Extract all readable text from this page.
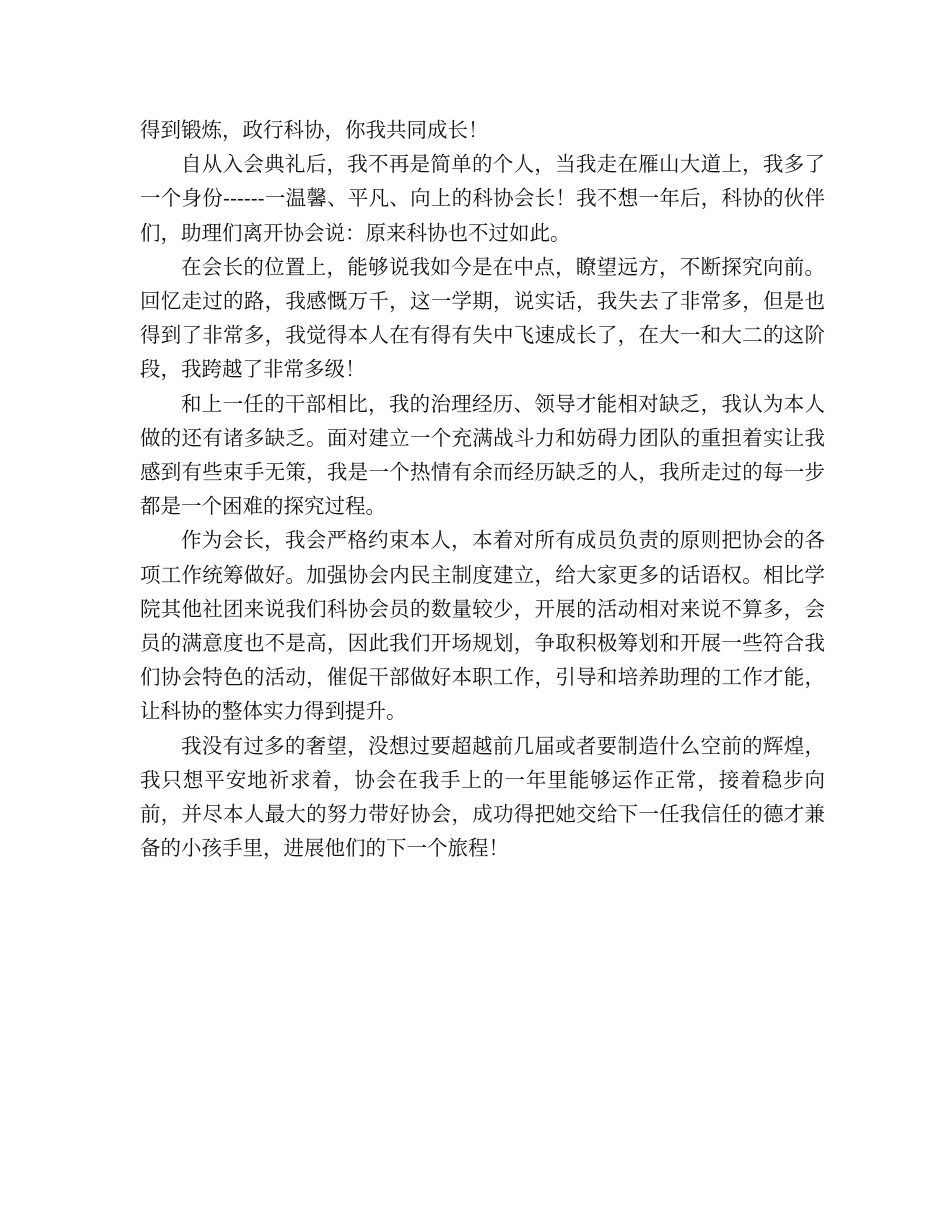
得到锻炼，政行科协，你我共同成长！

自从入会典礼后，我不再是简单的个人，当我走在雁山大道上，我多了一个身份------一温馨、平凡、向上的科协会长！我不想一年后，科协的伙伴们，助理们离开协会说：原来科协也不过如此。

在会长的位置上，能够说我如今是在中点，瞭望远方，不断探究向前。回忆走过的路，我感慨万千，这一学期，说实话，我失去了非常多，但是也得到了非常多，我觉得本人在有得有失中飞速成长了，在大一和大二的这阶段，我跨越了非常多级！

和上一任的干部相比，我的治理经历、领导才能相对缺乏，我认为本人做的还有诸多缺乏。面对建立一个充满战斗力和妨碍力团队的重担着实让我感到有些束手无策，我是一个热情有余而经历缺乏的人，我所走过的每一步都是一个困难的探究过程。

作为会长，我会严格约束本人，本着对所有成员负责的原则把协会的各项工作统筹做好。加强协会内民主制度建立，给大家更多的话语权。相比学院其他社团来说我们科协会员的数量较少，开展的活动相对来说不算多，会员的满意度也不是高，因此我们开场规划，争取积极筹划和开展一些符合我们协会特色的活动，催促干部做好本职工作，引导和培养助理的工作才能，让科协的整体实力得到提升。

我没有过多的奢望，没想过要超越前几届或者要制造什么空前的辉煌，我只想平安地祈求着，协会在我手上的一年里能够运作正常，接着稳步向前，并尽本人最大的努力带好协会，成功得把她交给下一任我信任的德才兼备的小孩手里，进展他们的下一个旅程！
